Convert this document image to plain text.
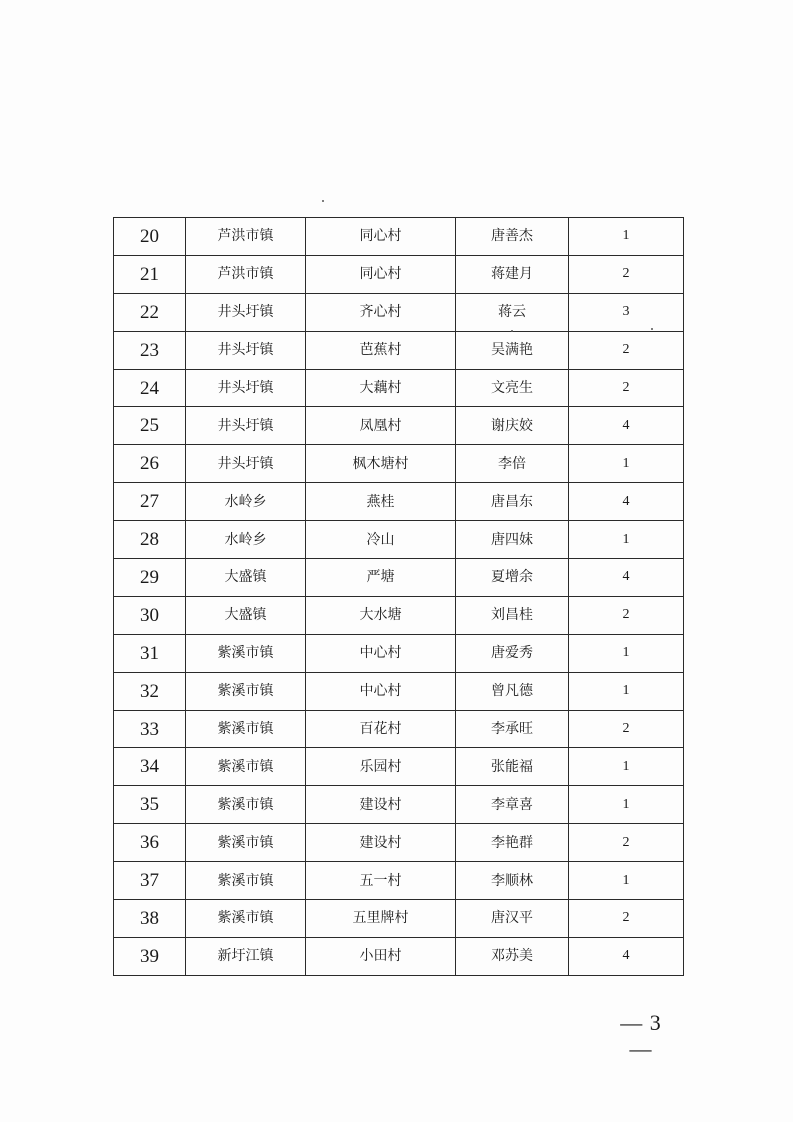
20	芦洪市镇	同心村	唐善杰	1
21	芦洪市镇	同心村	蒋建月	2
22	井头圩镇	齐心村	蒋云	3
23	井头圩镇	芭蕉村	吴满艳	2
24	井头圩镇	大藕村	文亮生	2
25	井头圩镇	凤凰村	谢庆姣	4
26	井头圩镇	枫木塘村	李倍	1
27	水岭乡	燕桂	唐昌东	4
28	水岭乡	冷山	唐四妹	1
29	大盛镇	严塘	夏增余	4
30	大盛镇	大水塘	刘昌桂	2
31	紫溪市镇	中心村	唐爱秀	1
32	紫溪市镇	中心村	曾凡德	1
33	紫溪市镇	百花村	李承旺	2
34	紫溪市镇	乐园村	张能福	1
35	紫溪市镇	建设村	李章喜	1
36	紫溪市镇	建设村	李艳群	2
37	紫溪市镇	五一村	李顺林	1
38	紫溪市镇	五里牌村	唐汉平	2
39	新圩江镇	小田村	邓苏美	4
— 3 —
